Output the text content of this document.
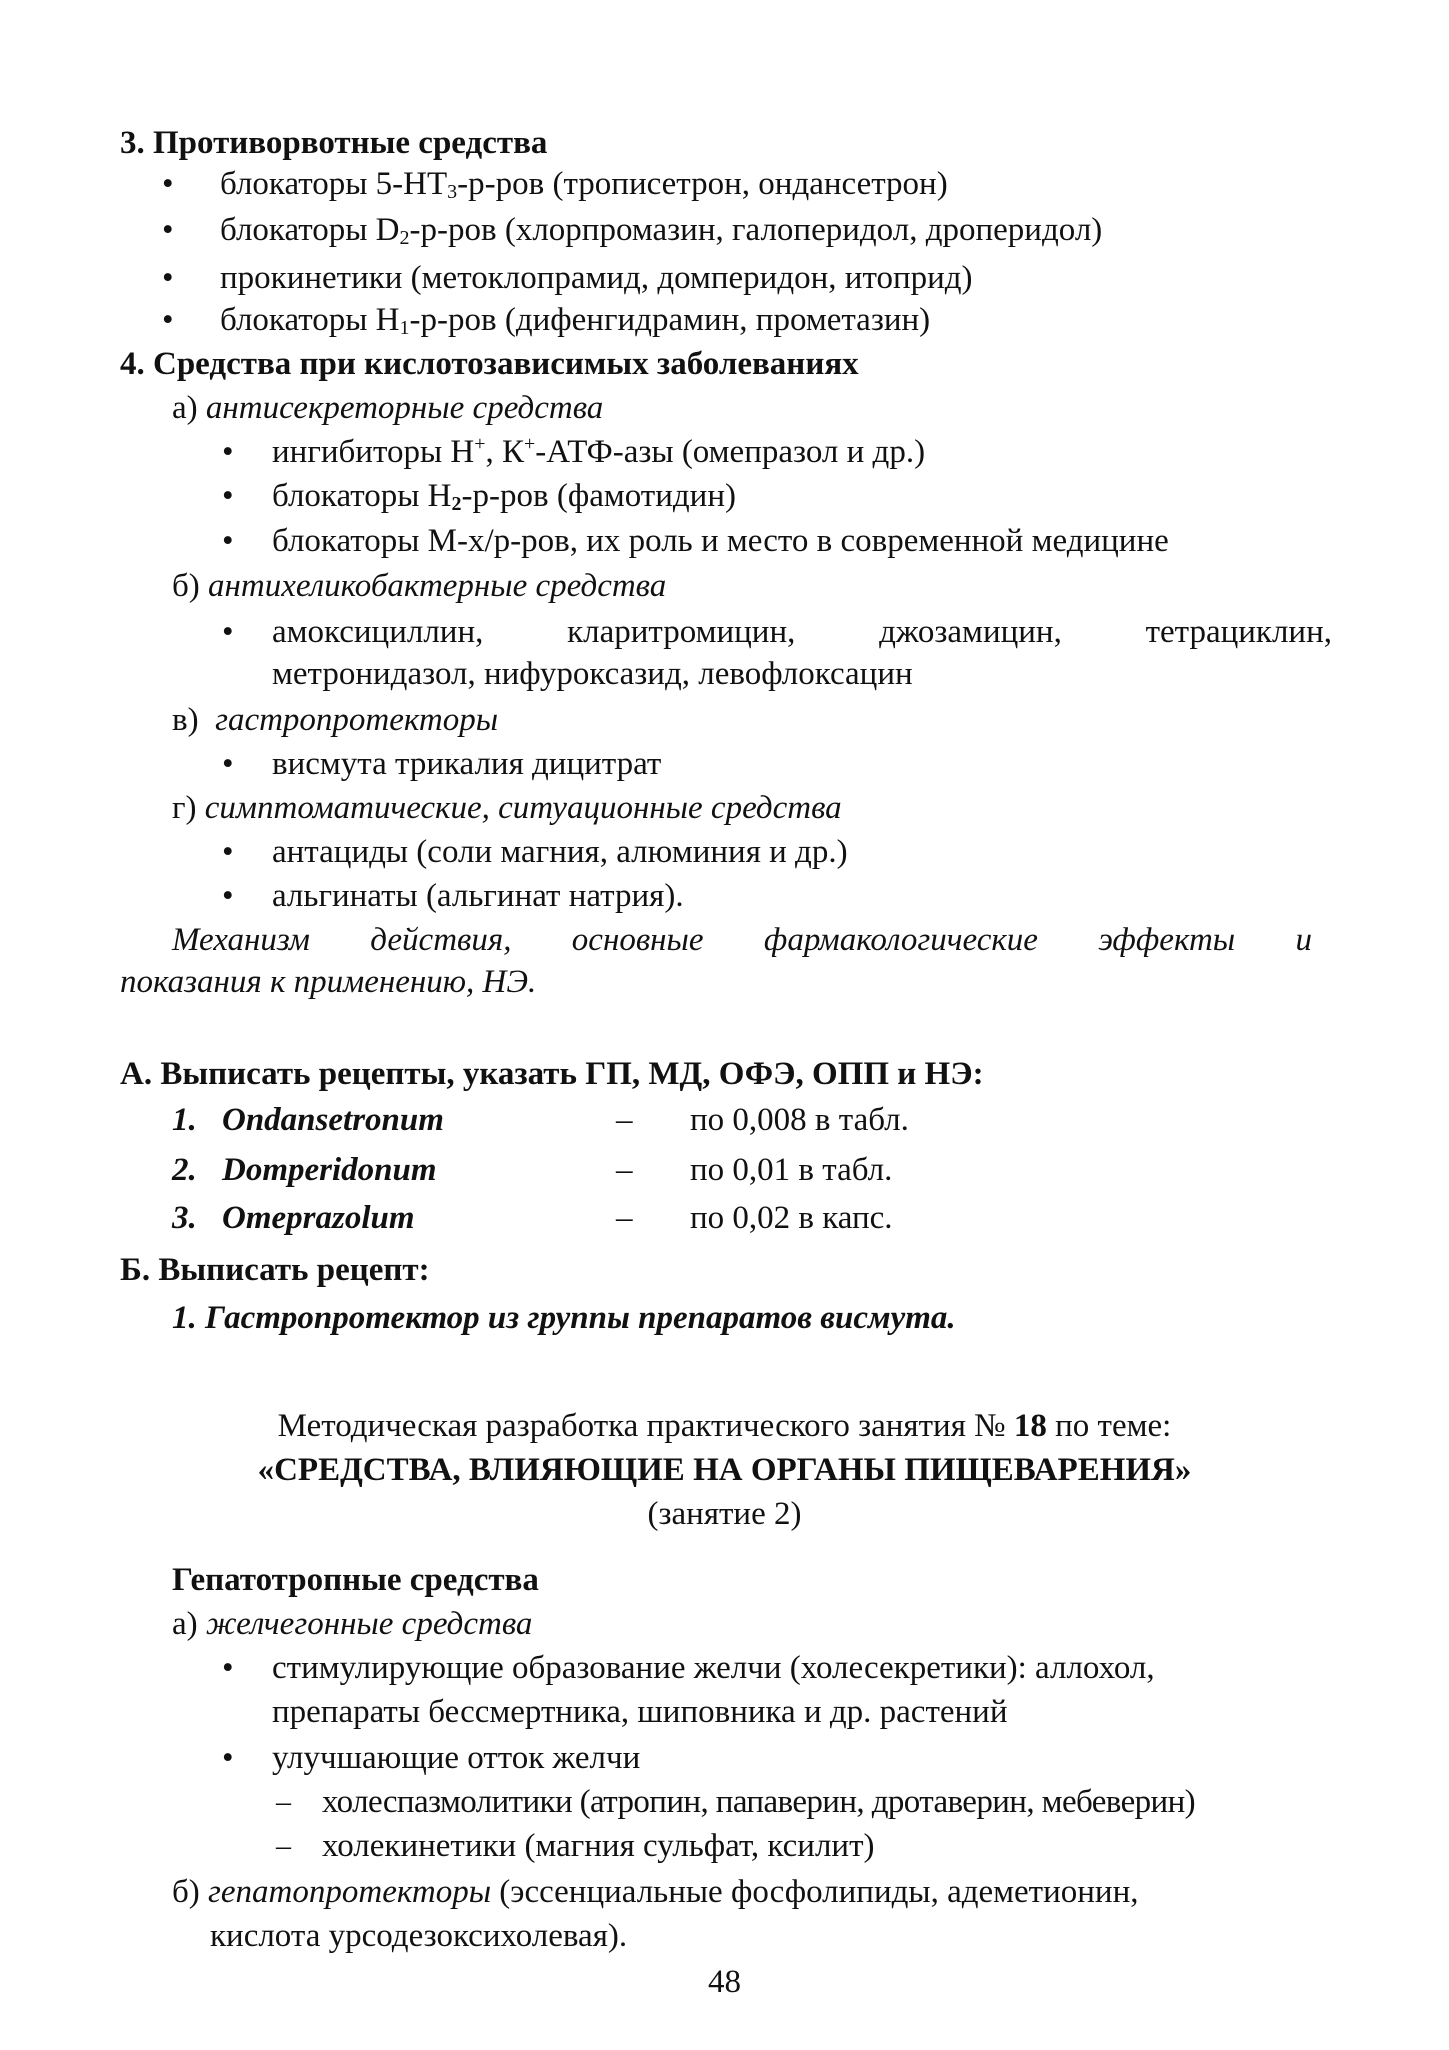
3. Противорвотные средства
• блокаторы $5-НТ_3-р$-ров (трописетрон, ондансетрон)
• блокаторы $D_2-р$-ров (хлорпромазин, галоперидол, дроперидол)
• прокинетики (метоклопрамид, домперидон, итоприд)
• блокаторы $Н_1-р$-ров (дифенгидрамин, прометазин)
4. Средства при кислотозависимых заболеваниях
а) антисекреторные средства
• ингибиторы Н+, К+-АТФ-азы (омепразол и др.)
• блокаторы $Н_2-р$-ров (фамотидин)
• блокаторы М-х/р-ров, их роль и место в современной медицине
б) антихеликобактерные средства
• амоксициллин, кларитромицин, джозамицин, тетрациклин,
метронидазол, нифуроксазид, левофлоксацин
в) гастропротекторы
• висмута трикалия дицитрат
г) симптоматические, ситуационные средства
• антациды (соли магния, алюминия и др.)
• альгинаты (альгинат натрия).
Механизм действия, основные фармакологические эффекты и
показания к применению, НЭ.
А. Выписать рецепты, указать ГП, МД, ОФЭ, ОПП и НЭ:
1. Ondansetronum	– по 0,008 в табл.
2. Domperidonum	– по 0,01 в табл.
3. Omeprazolum	– по 0,02 в капс.
Б. Выписать рецепт:
1. Гастропротектор из группы препаратов висмута.
Методическая разработка практического занятия № 18 по теме:
«СРЕДСТВА, ВЛИЯЮЩИЕ НА ОРГАНЫ ПИЩЕВАРЕНИЯ»
(занятие 2)
Гепатотропные средства
а) желчегонные средства
• стимулирующие образование желчи (холесекретики): аллохол,
препараты бессмертника, шиповника и др. растений
• улучшающие отток желчи
– холеспазмолитики (атропин, папаверин, дротаверин, мебеверин)
– холекинетики (магния сульфат, ксилит)
б) гепатопротекторы (эссенциальные фосфолипиды, адеметионин,
кислота урсодезоксихолевая).
48
